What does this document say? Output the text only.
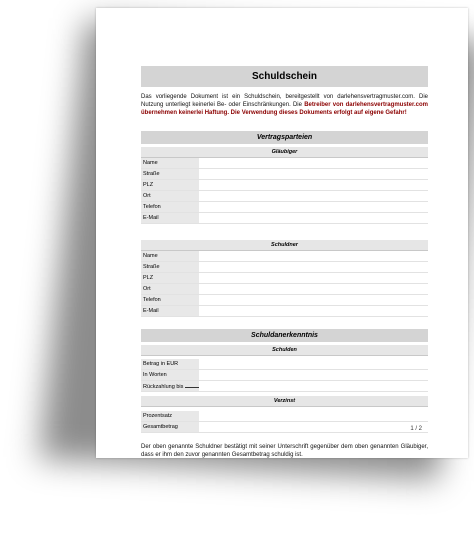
Schuldschein
Das vorliegende Dokument ist ein Schuldschein, bereitgestellt von darlehensvertragmuster.com. Die Nutzung unterliegt keinerlei Be- oder Einschränkungen. Die Betreiber von darlehensvertragmuster.com übernehmen keinerlei Haftung. Die Verwendung dieses Dokuments erfolgt auf eigene Gefahr!
Vertragsparteien
Gläubiger
Name
Straße
PLZ
Ort
Telefon
E-Mail
Schuldner
Name
Straße
PLZ
Ort
Telefon
E-Mail
Schuldanerkenntnis
Schulden
Betrag in EUR
In Worten
Rückzahlung bis
Verzinst
Prozentsatz
Gesamtbetrag
Der oben genannte Schuldner bestätigt mit seiner Unterschrift gegenüber dem oben genannten Gläubiger, dass er ihm den zuvor genannten Gesamtbetrag schuldig ist.
1 / 2
